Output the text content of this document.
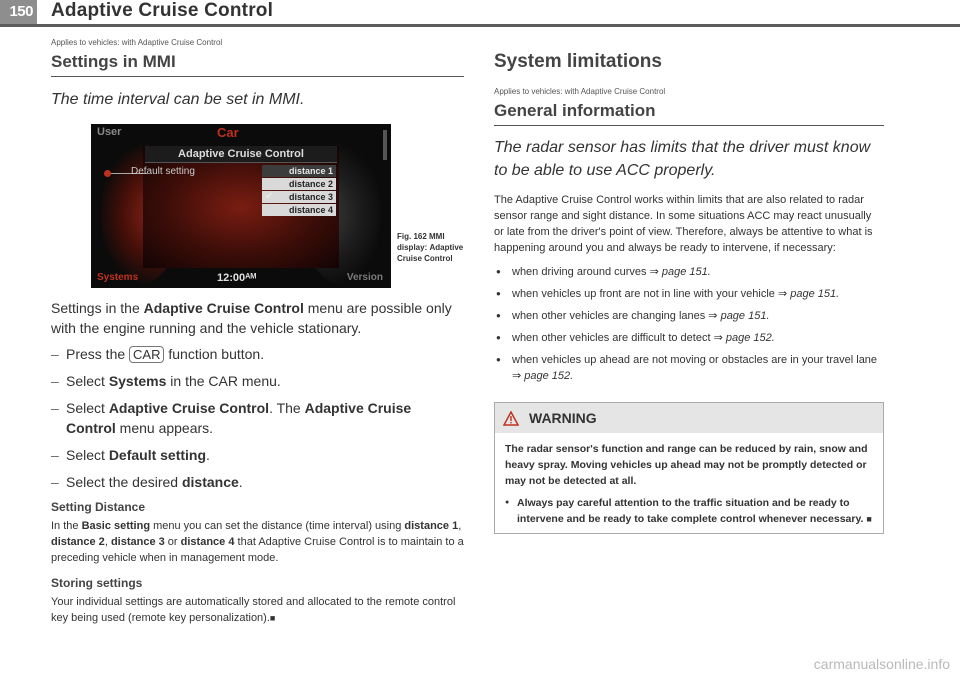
150 Adaptive Cruise Control
Applies to vehicles: with Adaptive Cruise Control
Settings in MMI
The time interval can be set in MMI.
User	Car
Adaptive Cruise Control
Default setting	distance 1
distance 2
✔ distance 3
distance 4
Systems	12:00ᴬᴹ	Version
Fig. 162 MMI display: Adaptive Cruise Control
Settings in the Adaptive Cruise Control menu are possible only with the engine running and the vehicle stationary.
– Press the CAR function button.
– Select Systems in the CAR menu.
– Select Adaptive Cruise Control. The Adaptive Cruise Control menu appears.
– Select Default setting.
– Select the desired distance.
Setting Distance
In the Basic setting menu you can set the distance (time interval) using distance 1, distance 2, distance 3 or distance 4 that Adaptive Cruise Control is to maintain to a preceding vehicle when in management mode.
Storing settings
Your individual settings are automatically stored and allocated to the remote control key being used (remote key personalization).■
System limitations
Applies to vehicles: with Adaptive Cruise Control
General information
The radar sensor has limits that the driver must know to be able to use ACC properly.
The Adaptive Cruise Control works within limits that are also related to radar sensor range and sight distance. In some situations ACC may react unusually or late from the driver's point of view. Therefore, always be attentive to what is happening around you and always be ready to intervene, if necessary:
● when driving around curves ⇒ page 151.
● when vehicles up front are not in line with your vehicle ⇒ page 151.
● when other vehicles are changing lanes ⇒ page 151.
● when other vehicles are difficult to detect ⇒ page 152.
● when vehicles up ahead are not moving or obstacles are in your travel lane ⇒ page 152.
WARNING
The radar sensor's function and range can be reduced by rain, snow and heavy spray. Moving vehicles up ahead may not be promptly detected or may not be detected at all.
● Always pay careful attention to the traffic situation and be ready to intervene and be ready to take complete control whenever necessary. ■
carmanualsonline.info
